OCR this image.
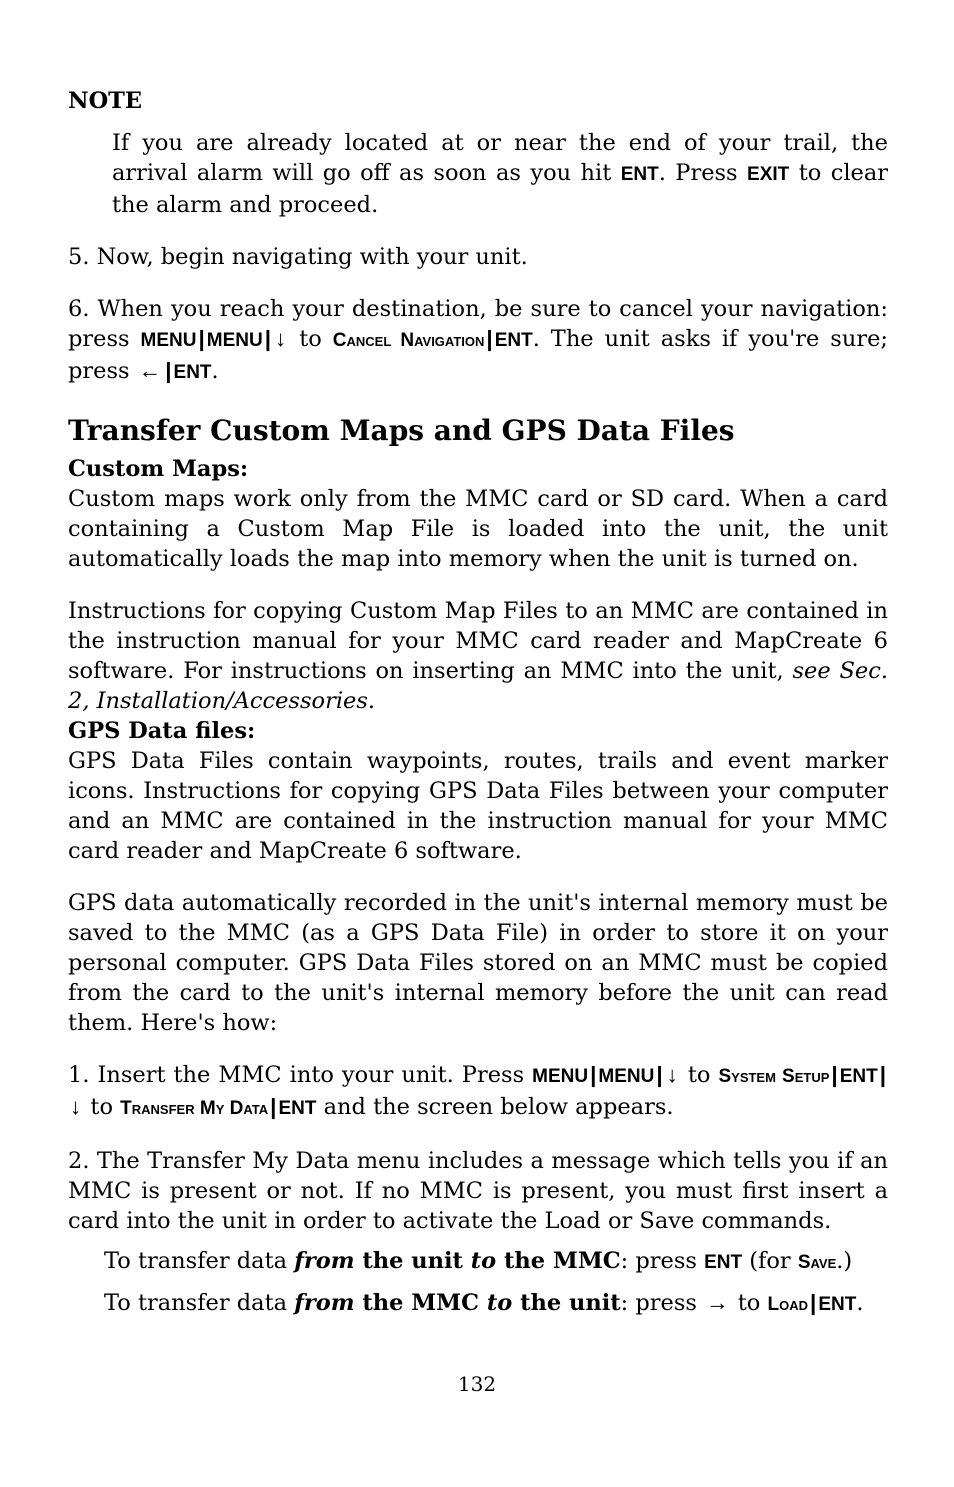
NOTE

If you are already located at or near the end of your trail, the arrival alarm will go off as soon as you hit ENT. Press EXIT to clear the alarm and proceed.

5. Now, begin navigating with your unit.

6. When you reach your destination, be sure to cancel your navigation: press MENU| MENU| ↓ to Cancel Navigation| ENT. The unit asks if you're sure; press ← | ENT.

Transfer Custom Maps and GPS Data Files

Custom Maps:

Custom maps work only from the MMC card or SD card. When a card containing a Custom Map File is loaded into the unit, the unit automatically loads the map into memory when the unit is turned on.

Instructions for copying Custom Map Files to an MMC are contained in the instruction manual for your MMC card reader and MapCreate 6 software. For instructions on inserting an MMC into the unit, see Sec. 2, Installation/Accessories.

GPS Data files:

GPS Data Files contain waypoints, routes, trails and event marker icons. Instructions for copying GPS Data Files between your computer and an MMC are contained in the instruction manual for your MMC card reader and MapCreate 6 software.

GPS data automatically recorded in the unit's internal memory must be saved to the MMC (as a GPS Data File) in order to store it on your personal computer. GPS Data Files stored on an MMC must be copied from the card to the unit's internal memory before the unit can read them. Here's how:

1. Insert the MMC into your unit. Press MENU| MENU| ↓ to System Setup| ENT|↓ to Transfer My Data| ENT and the screen below appears.

2. The Transfer My Data menu includes a message which tells you if an MMC is present or not. If no MMC is present, you must first insert a card into the unit in order to activate the Load or Save commands.

To transfer data from the unit to the MMC: press ENT (for Save.)

To transfer data from the MMC to the unit: press → to Load| ENT.

132
